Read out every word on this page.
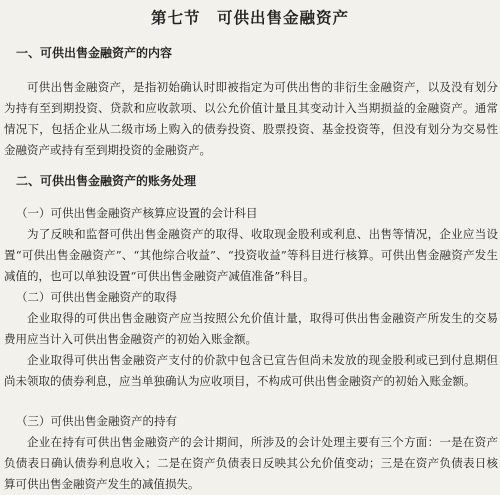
第七节　可供出售金融资产
一、可供出售金融资产的内容

可供出售金融资产，是指初始确认时即被指定为可供出售的非衍生金融资产，以及没有划分为持有至到期投资、贷款和应收款项、以公允价值计量且其变动计入当期损益的金融资产。通常情况下，包括企业从二级市场上购入的债券投资、股票投资、基金投资等，但没有划分为交易性金融资产或持有至到期投资的金融资产。

二、可供出售金融资产的账务处理
（一）可供出售金融资产核算应设置的会计科目

为了反映和监督可供出售金融资产的取得、收取现金股利或利息、出售等情况，企业应当设置“可供出售金融资产”、“其他综合收益”、“投资收益”等科目进行核算。可供出售金融资产发生减值的，也可以单独设置“可供出售金融资产减值准备”科目。

（二）可供出售金融资产的取得

企业取得的可供出售金融资产应当按照公允价值计量，取得可供出售金融资产所发生的交易费用应当计入可供出售金融资产的初始入账金额。

企业取得可供出售金融资产支付的价款中包含已宣告但尚未发放的现金股利或已到付息期但尚未领取的债券利息，应当单独确认为应收项目，不构成可供出售金融资产的初始入账金额。

（三）可供出售金融资产的持有

企业在持有可供出售金融资产的会计期间，所涉及的会计处理主要有三个方面：一是在资产负债表日确认债券利息收入；二是在资产负债表日反映其公允价值变动；三是在资产负债表日核算可供出售金融资产发生的减值损失。
